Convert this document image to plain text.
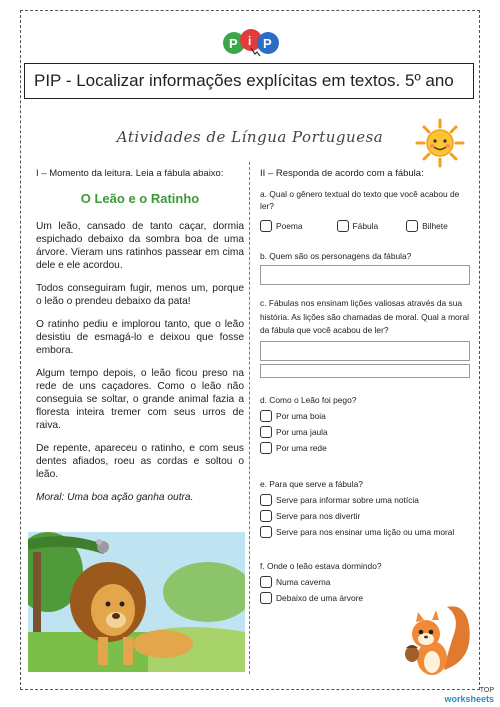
P i P
PIP - Localizar informações explícitas em textos. 5º ano
Atividades de Língua Portuguesa
I – Momento da leitura. Leia a fábula abaixo:
O Leão e o Ratinho

Um leão, cansado de tanto caçar, dormia espichado debaixo da sombra boa de uma árvore. Vieram uns ratinhos passear em cima dele e ele acordou.

Todos conseguiram fugir, menos um, porque o leão o prendeu debaixo da pata!

O ratinho pediu e implorou tanto, que o leão desistiu de esmagá-lo e deixou que fosse embora.

Algum tempo depois, o leão ficou preso na rede de uns caçadores. Como o leão não conseguia se soltar, o grande animal fazia a floresta inteira tremer com seus urros de raiva.

De repente, apareceu o ratinho, e com seus dentes afiados, roeu as cordas e soltou o leão.

Moral: Uma boa ação ganha outra.

II – Responda de acordo com a fábula:
a. Qual o gênero textual do texto que você acabou de ler?
Poema	Fábula	Bilhete
b. Quem são os personagens da fábula?
c. Fábulas nos ensinam lições valiosas através da sua história. As lições são chamadas de moral. Qual a moral da fábula que você acabou de ler?
d. Como o Leão foi pego?
Por uma boia
Por uma jaula
Por uma rede
e. Para que serve a fábula?
Serve para informar sobre uma notícia
Serve para nos divertir
Serve para nos ensinar uma lição ou uma moral
f. Onde o leão estava dormindo?
Numa caverna
Debaixo de uma árvore
TOP
worksheets
